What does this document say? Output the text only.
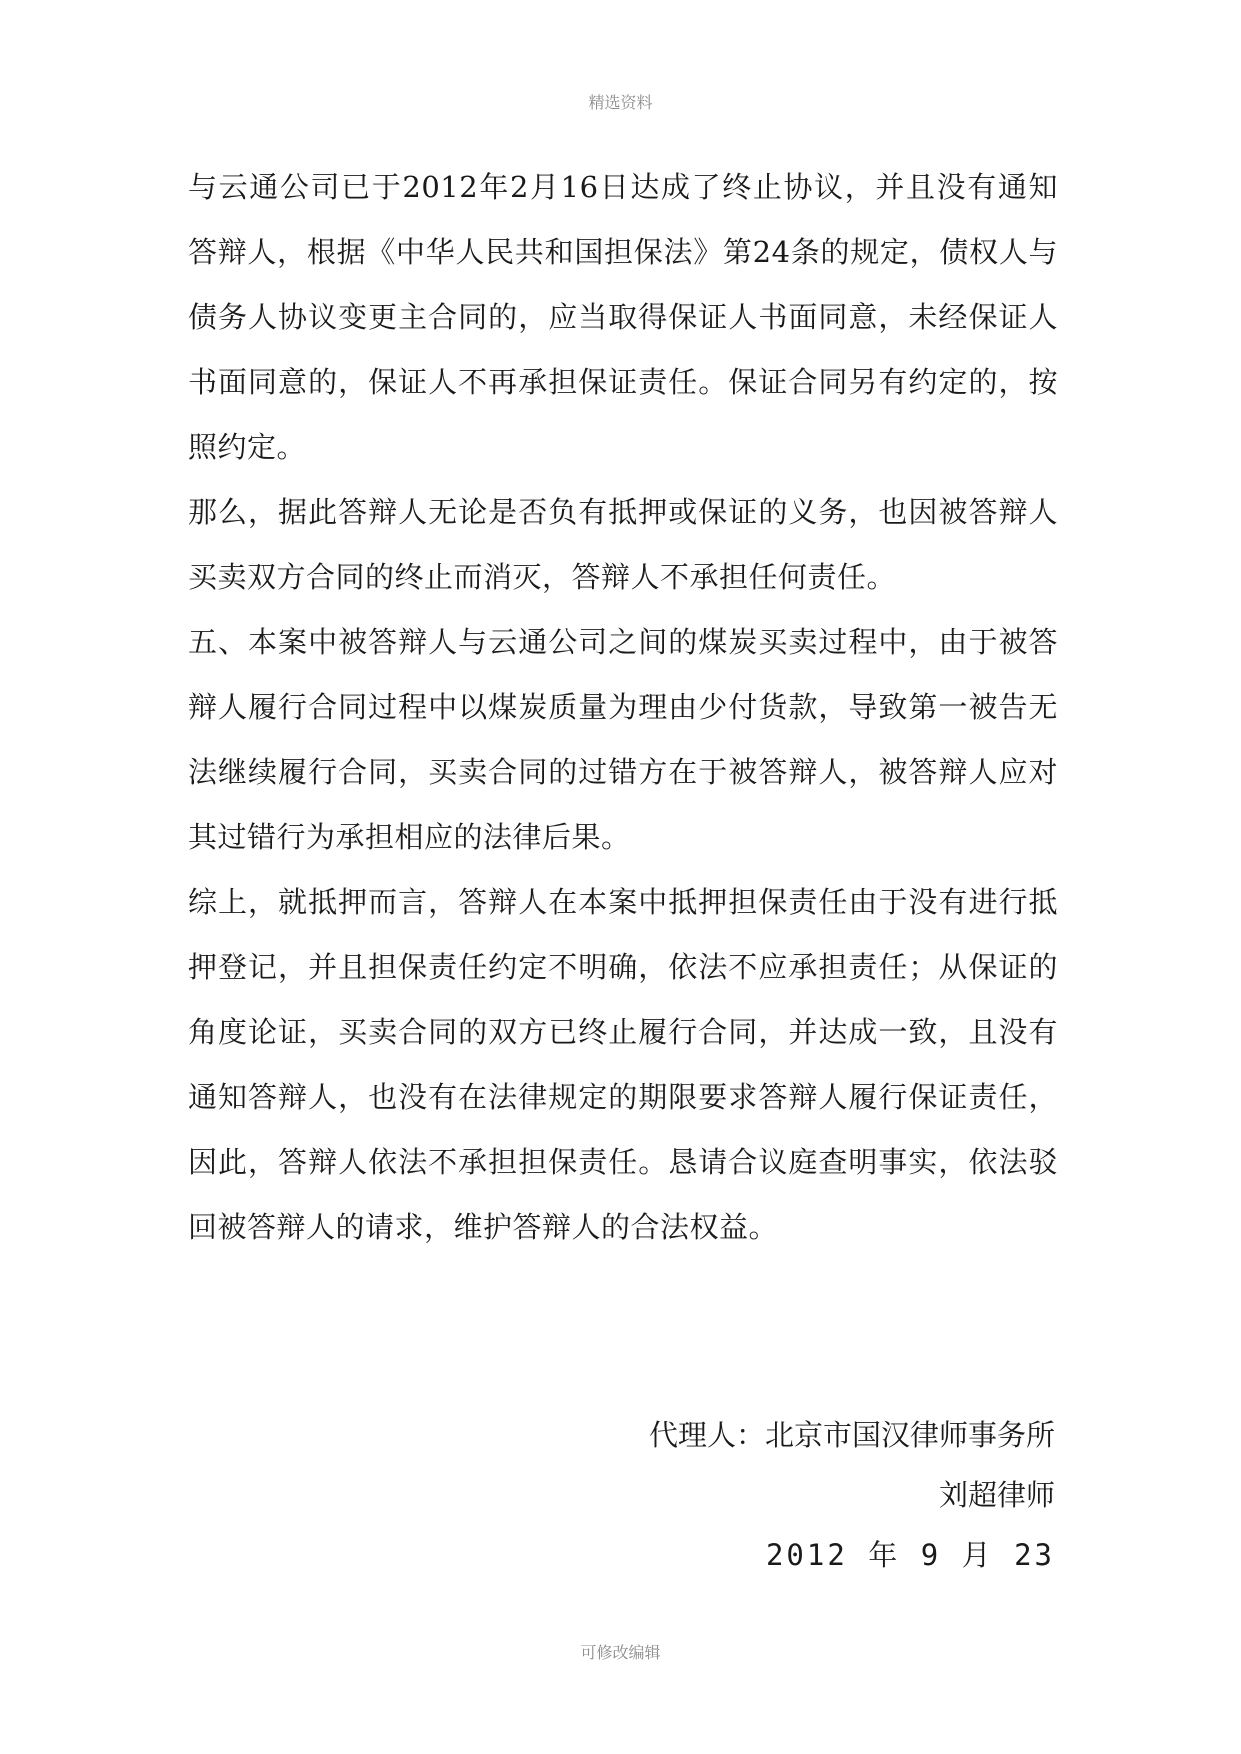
精选资料

与云通公司已于2012年2月16日达成了终止协议，并且没有通知答辩人，根据《中华人民共和国担保法》第24条的规定，债权人与债务人协议变更主合同的，应当取得保证人书面同意，未经保证人书面同意的，保证人不再承担保证责任。保证合同另有约定的，按照约定。

那么，据此答辩人无论是否负有抵押或保证的义务，也因被答辩人买卖双方合同的终止而消灭，答辩人不承担任何责任。

五、本案中被答辩人与云通公司之间的煤炭买卖过程中，由于被答辩人履行合同过程中以煤炭质量为理由少付货款，导致第一被告无法继续履行合同，买卖合同的过错方在于被答辩人，被答辩人应对其过错行为承担相应的法律后果。

综上，就抵押而言，答辩人在本案中抵押担保责任由于没有进行抵押登记，并且担保责任约定不明确，依法不应承担责任；从保证的角度论证，买卖合同的双方已终止履行合同，并达成一致，且没有通知答辩人，也没有在法律规定的期限要求答辩人履行保证责任，因此，答辩人依法不承担担保责任。恳请合议庭查明事实，依法驳回被答辩人的请求，维护答辩人的合法权益。

代理人：北京市国汉律师事务所
刘超律师
2012 年 9 月 23
可修改编辑
